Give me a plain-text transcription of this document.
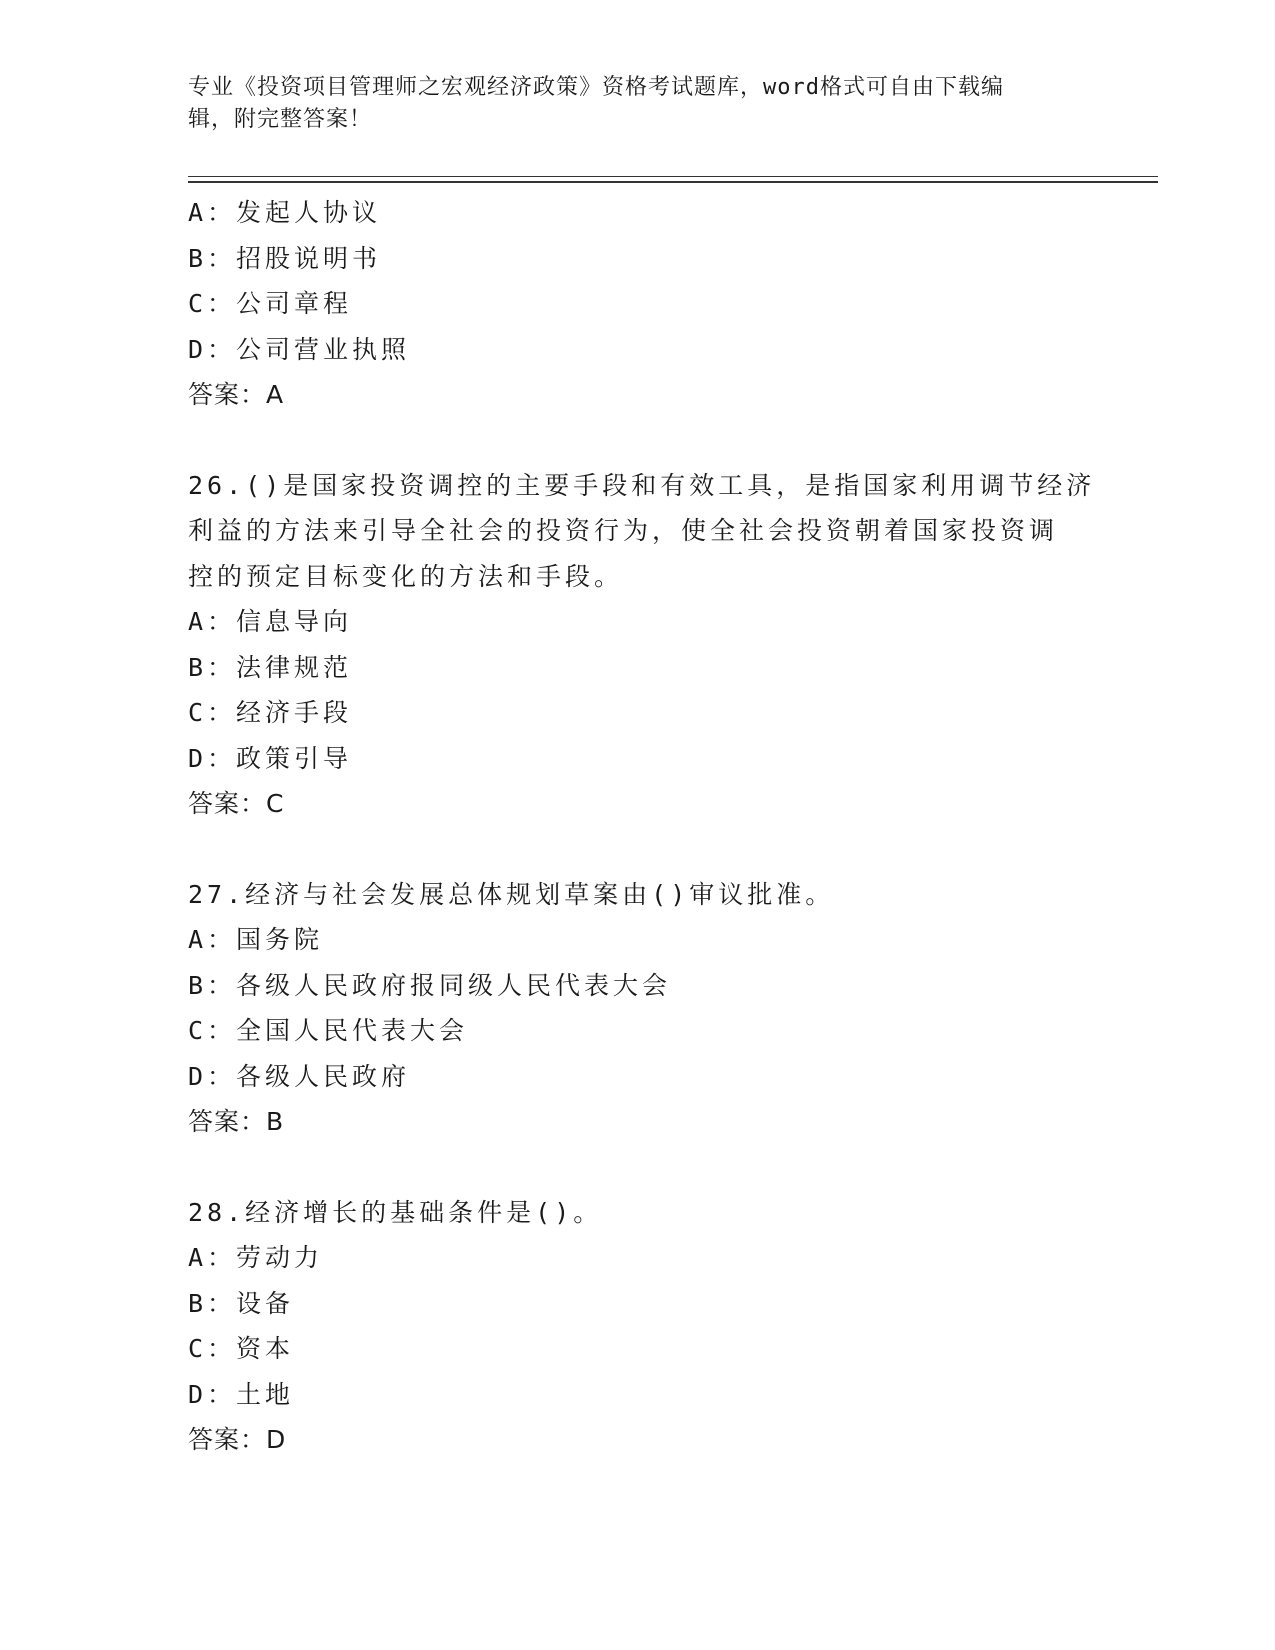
专业《投资项目管理师之宏观经济政策》资格考试题库，word格式可自由下载编
辑，附完整答案！
A：发起人协议
B：招股说明书
C：公司章程
D：公司营业执照
答案：A
26.()是国家投资调控的主要手段和有效工具，是指国家利用调节经济
利益的方法来引导全社会的投资行为，使全社会投资朝着国家投资调
控的预定目标变化的方法和手段。
A：信息导向
B：法律规范
C：经济手段
D：政策引导
答案：C
27.经济与社会发展总体规划草案由()审议批准。
A：国务院
B：各级人民政府报同级人民代表大会
C：全国人民代表大会
D：各级人民政府
答案：B
28.经济增长的基础条件是()。
A：劳动力
B：设备
C：资本
D：土地
答案：D
